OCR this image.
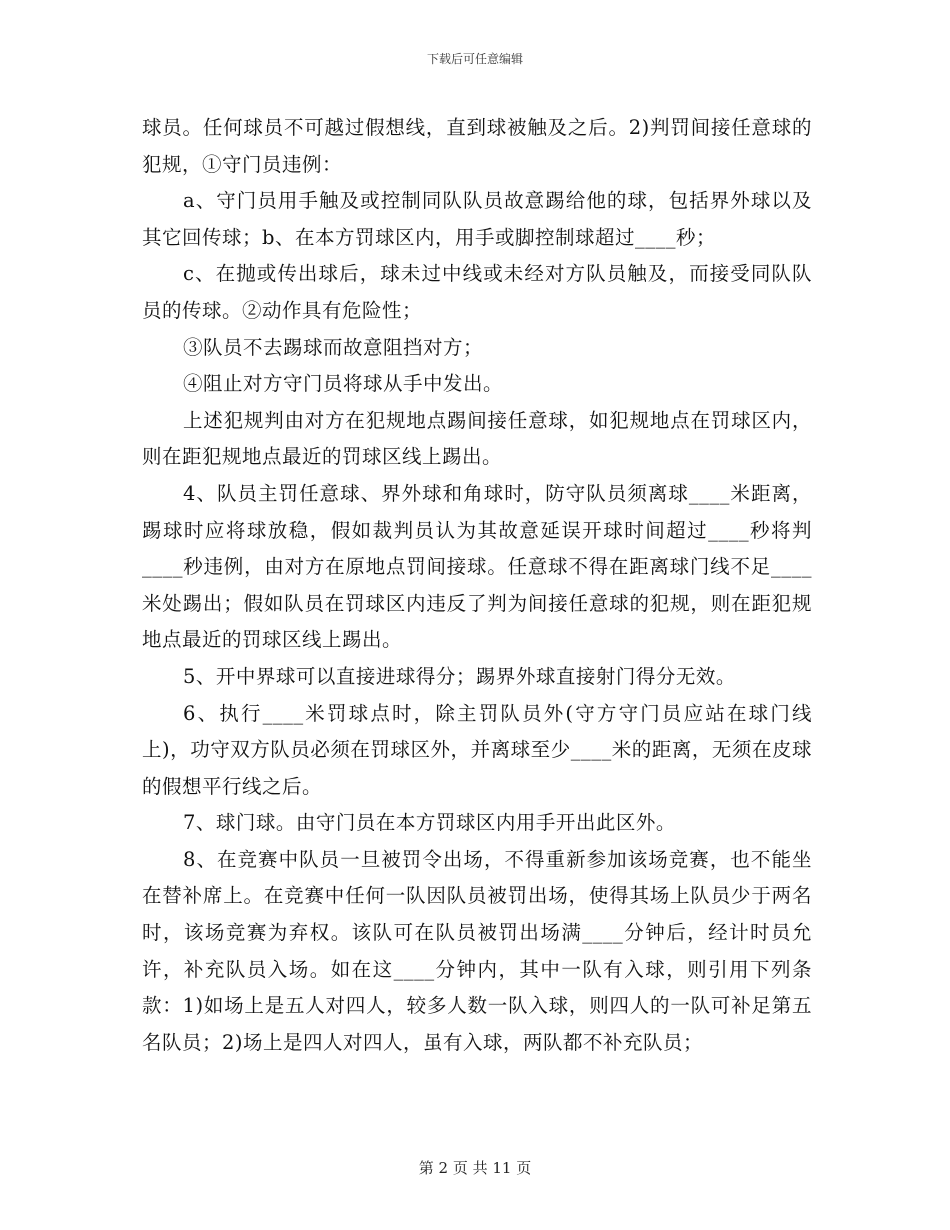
下载后可任意编辑

球员。任何球员不可越过假想线，直到球被触及之后。2)判罚间接任意球的犯规，①守门员违例：

a、守门员用手触及或控制同队队员故意踢给他的球，包括界外球以及其它回传球；b、在本方罚球区内，用手或脚控制球超过____秒；

c、在抛或传出球后，球未过中线或未经对方队员触及，而接受同队队员的传球。②动作具有危险性；

③队员不去踢球而故意阻挡对方；

④阻止对方守门员将球从手中发出。

上述犯规判由对方在犯规地点踢间接任意球，如犯规地点在罚球区内，则在距犯规地点最近的罚球区线上踢出。

4、队员主罚任意球、界外球和角球时，防守队员须离球____米距离，踢球时应将球放稳，假如裁判员认为其故意延误开球时间超过____秒将判____秒违例，由对方在原地点罚间接球。任意球不得在距离球门线不足____米处踢出；假如队员在罚球区内违反了判为间接任意球的犯规，则在距犯规地点最近的罚球区线上踢出。

5、开中界球可以直接进球得分；踢界外球直接射门得分无效。

6、执行____米罚球点时，除主罚队员外(守方守门员应站在球门线上)，功守双方队员必须在罚球区外，并离球至少____米的距离，无须在皮球的假想平行线之后。

7、球门球。由守门员在本方罚球区内用手开出此区外。

8、在竞赛中队员一旦被罚令出场，不得重新参加该场竞赛，也不能坐在替补席上。在竞赛中任何一队因队员被罚出场，使得其场上队员少于两名时，该场竞赛为弃权。该队可在队员被罚出场满____分钟后，经计时员允许，补充队员入场。如在这____分钟内，其中一队有入球，则引用下列条款：1)如场上是五人对四人，较多人数一队入球，则四人的一队可补足第五名队员；2)场上是四人对四人，虽有入球，两队都不补充队员；

第 2 页 共 11 页
